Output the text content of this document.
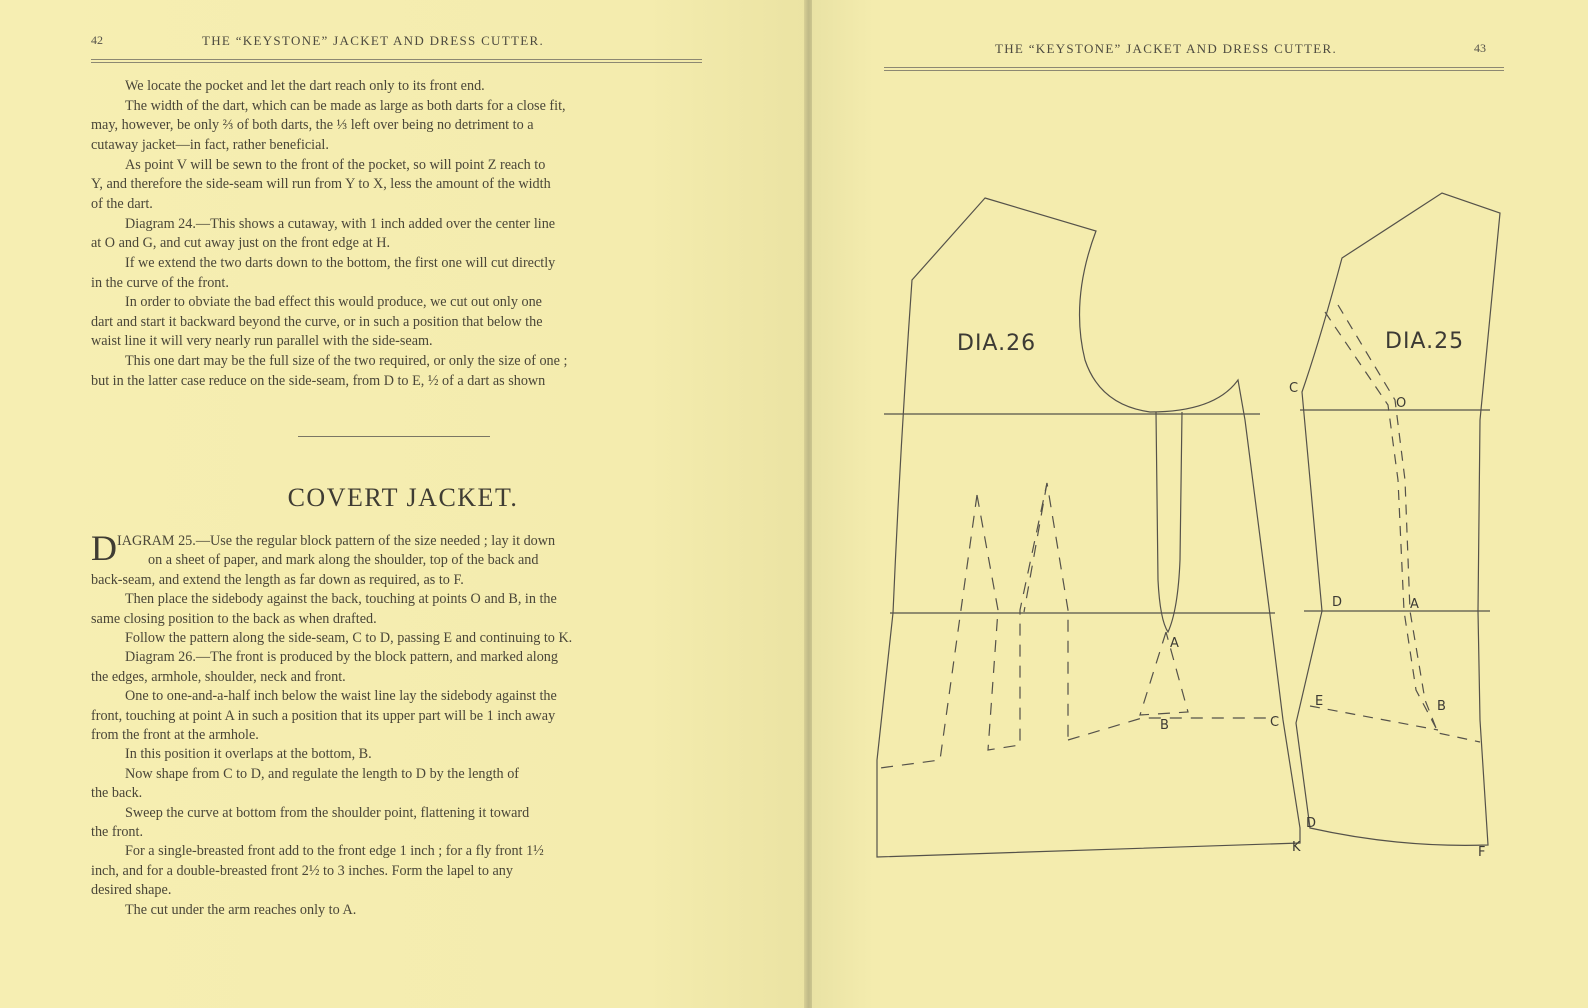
42	THE “KEYSTONE” JACKET AND DRESS CUTTER.
We locate the pocket and let the dart reach only to its front end.
The width of the dart, which can be made as large as both darts for a close fit,
may, however, be only ⅔ of both darts, the ⅓ left over being no detriment to a
cutaway jacket—in fact, rather beneficial.
As point V will be sewn to the front of the pocket, so will point Z reach to
Y, and therefore the side-seam will run from Y to X, less the amount of the width
of the dart.
Diagram 24.—This shows a cutaway, with 1 inch added over the center line
at O and G, and cut away just on the front edge at H.
If we extend the two darts down to the bottom, the first one will cut directly
in the curve of the front.
In order to obviate the bad effect this would produce, we cut out only one
dart and start it backward beyond the curve, or in such a position that below the
waist line it will very nearly run parallel with the side-seam.
This one dart may be the full size of the two required, or only the size of one ;
but in the latter case reduce on the side-seam, from D to E, ½ of a dart as shown
COVERT JACKET.
D IAGRAM 25.—Use the regular block pattern of the size needed ; lay it down
on a sheet of paper, and mark along the shoulder, top of the back and
back-seam, and extend the length as far down as required, as to F.
Then place the sidebody against the back, touching at points O and B, in the
same closing position to the back as when drafted.
Follow the pattern along the side-seam, C to D, passing E and continuing to K.
Diagram 26.—The front is produced by the block pattern, and marked along
the edges, armhole, shoulder, neck and front.
One to one-and-a-half inch below the waist line lay the sidebody against the
front, touching at point A in such a position that its upper part will be 1 inch away
from the front at the armhole.
In this position it overlaps at the bottom, B.
Now shape from C to D, and regulate the length to D by the length of
the back.
Sweep the curve at bottom from the shoulder point, flattening it toward
the front.
For a single-breasted front add to the front edge 1 inch ; for a fly front 1½
inch, and for a double-breasted front 2½ to 3 inches. Form the lapel to any
desired shape.
The cut under the arm reaches only to A.
THE “KEYSTONE” JACKET AND DRESS CUTTER.	43
DIA.26	DIA.25
A
B	C
C
O
D	A
E	B
D
K	F
